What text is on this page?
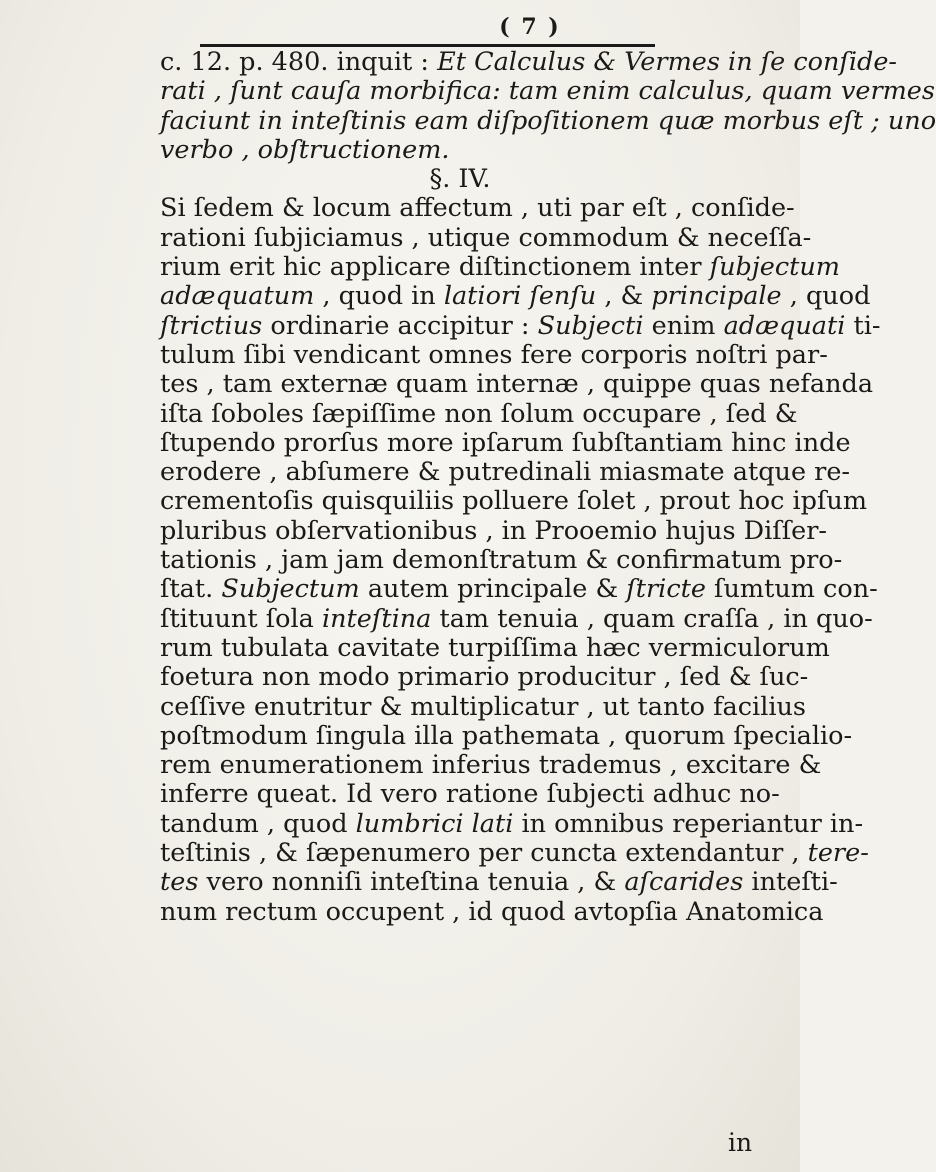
( 7 )
c. 12. p. 480. inquit : Et Calculus & Vermes in ſe conſide-
rati , ſunt cauſa morbifica: tam enim calculus, quam vermes
faciunt in inteſtinis eam diſpoſitionem quæ morbus eſt ; uno
verbo , obſtructionem.
§. IV.
Si ſedem & locum affectum , uti par eſt , conſide-
rationi ſubjiciamus , utique commodum & neceſſa-
rium erit hic applicare diſtinctionem inter ſubjectum
adæquatum , quod in latiori ſenſu , & principale , quod
ſtrictius ordinarie accipitur : Subjecti enim adæquati ti-
tulum ſibi vendicant omnes fere corporis noſtri par-
tes , tam externæ quam internæ , quippe quas nefanda
iſta ſoboles ſæpiſſime non ſolum occupare , ſed &
ſtupendo prorſus more ipſarum ſubſtantiam hinc inde
erodere , abſumere & putredinali miasmate atque re-
crementoſis quisquiliis polluere ſolet , prout hoc ipſum
pluribus obſervationibus , in Prooemio hujus Diſſer-
tationis , jam jam demonſtratum & confirmatum pro-
ſtat. Subjectum autem principale & ſtricte ſumtum con-
ſtituunt ſola inteſtina tam tenuia , quam craſſa , in quo-
rum tubulata cavitate turpiſſima hæc vermiculorum
foetura non modo primario producitur , ſed & ſuc-
ceſſive enutritur & multiplicatur , ut tanto facilius
poſtmodum ſingula illa pathemata , quorum ſpecialio-
rem enumerationem inferius trademus , excitare &
inferre queat. Id vero ratione ſubjecti adhuc no-
tandum , quod lumbrici lati in omnibus reperiantur in-
teſtinis , & ſæpenumero per cuncta extendantur , tere-
tes vero nonniſi inteſtina tenuia , & aſcarides inteſti-
num rectum occupent , id quod avtopſia Anatomica
in
